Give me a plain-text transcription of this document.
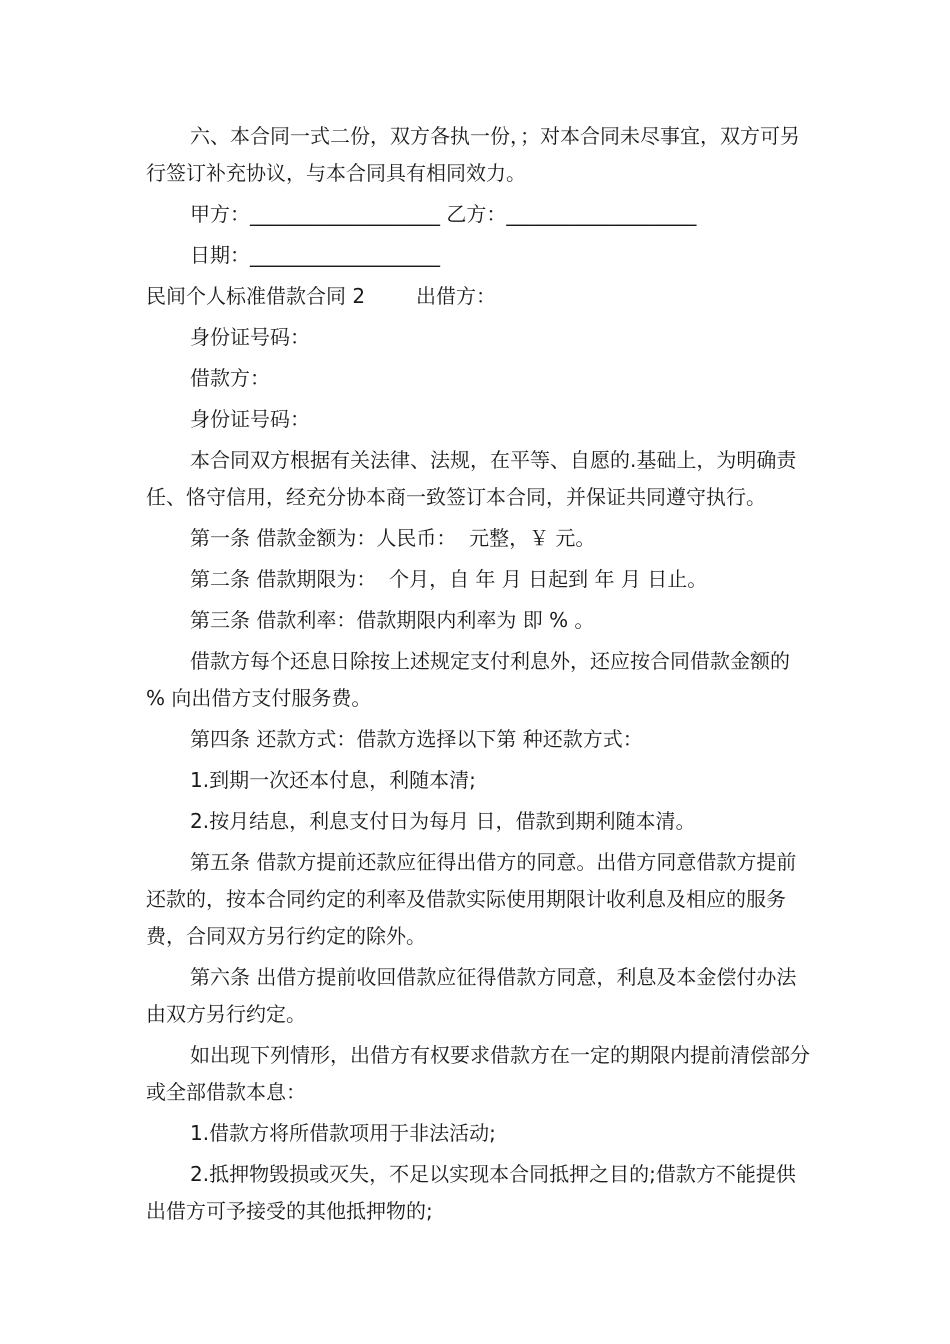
六、本合同一式二份，双方各执一份，；对本合同未尽事宜，双方可另行签订补充协议，与本合同具有相同效力。

甲方：___________________ 乙方：___________________

日期：___________________

民间个人标准借款合同 2        出借方：

身份证号码：

借款方：

身份证号码：

本合同双方根据有关法律、法规，在平等、自愿的.基础上，为明确责任、恪守信用，经充分协本商一致签订本合同，并保证共同遵守执行。

第一条 借款金额为：人民币：  元整，￥ 元。

第二条 借款期限为：  个月，自 年 月 日起到 年 月 日止。

第三条 借款利率：借款期限内利率为 即 % 。

借款方每个还息日除按上述规定支付利息外，还应按合同借款金额的 % 向出借方支付服务费。

第四条 还款方式：借款方选择以下第 种还款方式：

1.到期一次还本付息，利随本清;

2.按月结息，利息支付日为每月 日，借款到期利随本清。

第五条 借款方提前还款应征得出借方的同意。出借方同意借款方提前还款的，按本合同约定的利率及借款实际使用期限计收利息及相应的服务费，合同双方另行约定的除外。

第六条 出借方提前收回借款应征得借款方同意，利息及本金偿付办法由双方另行约定。

如出现下列情形，出借方有权要求借款方在一定的期限内提前清偿部分或全部借款本息：

1.借款方将所借款项用于非法活动;

2.抵押物毁损或灭失，不足以实现本合同抵押之目的;借款方不能提供出借方可予接受的其他抵押物的;
